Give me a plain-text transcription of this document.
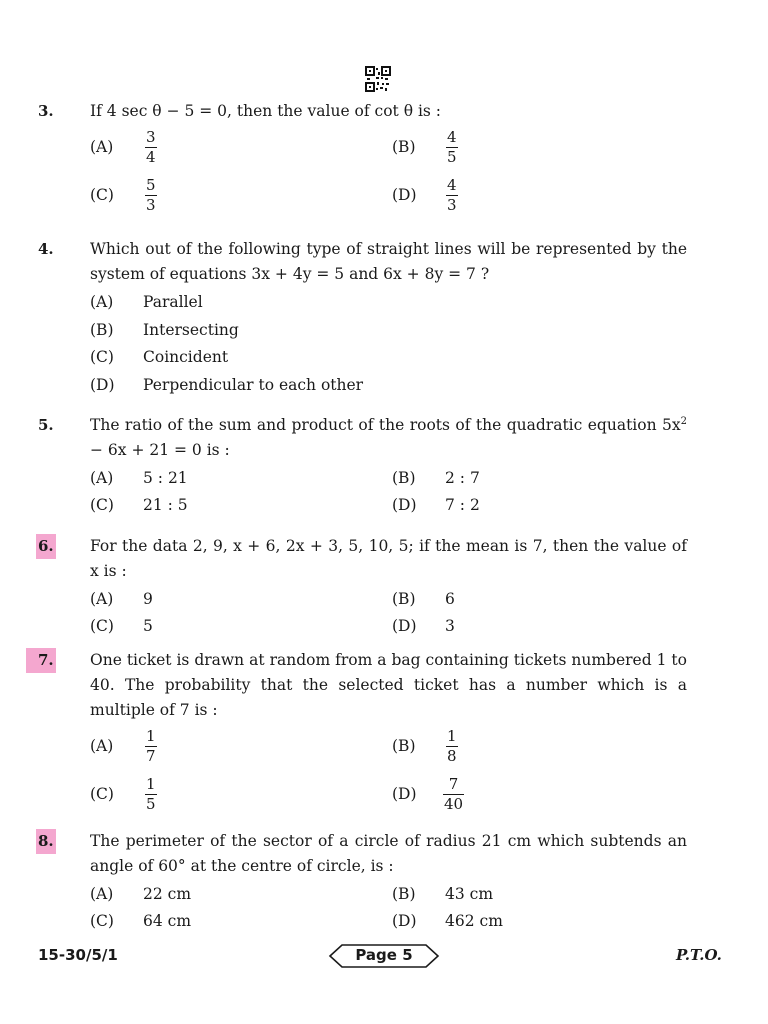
3. If 4 sec θ − 5 = 0, then the value of cot θ is :
$(A) \frac{3}{4}$	$(B) \frac{4}{5}$
$(C) \frac{5}{3}$	$(D) \frac{4}{3}$
4. Which out of the following type of straight lines will be represented by the system of equations 3x + 4y = 5 and 6x + 8y = 7 ?
(A) Parallel
(B) Intersecting
(C) Coincident
(D) Perpendicular to each other
5. The ratio of the sum and product of the roots of the quadratic equation $5x^2 - 6x + 21 = 0$ is :
(A) 5 : 21	(B) 2 : 7
(C) 21 : 5	(D) 7 : 2
6. For the data 2, 9, x + 6, 2x + 3, 5, 10, 5; if the mean is 7, then the value of x is :
(A) 9	(B) 6
(C) 5	(D) 3
7. One ticket is drawn at random from a bag containing tickets numbered 1 to 40. The probability that the selected ticket has a number which is a multiple of 7 is :
$(A) \frac{1}{7}$	$(B) \frac{1}{8}$
$(C) \frac{1}{5}$	$(D) \frac{7}{40}$
8. The perimeter of the sector of a circle of radius 21 cm which subtends an angle of 60° at the centre of circle, is :
(A) 22 cm	(B) 43 cm
(C) 64 cm	(D) 462 cm
15-30/5/1	Page 5	P.T.O.
